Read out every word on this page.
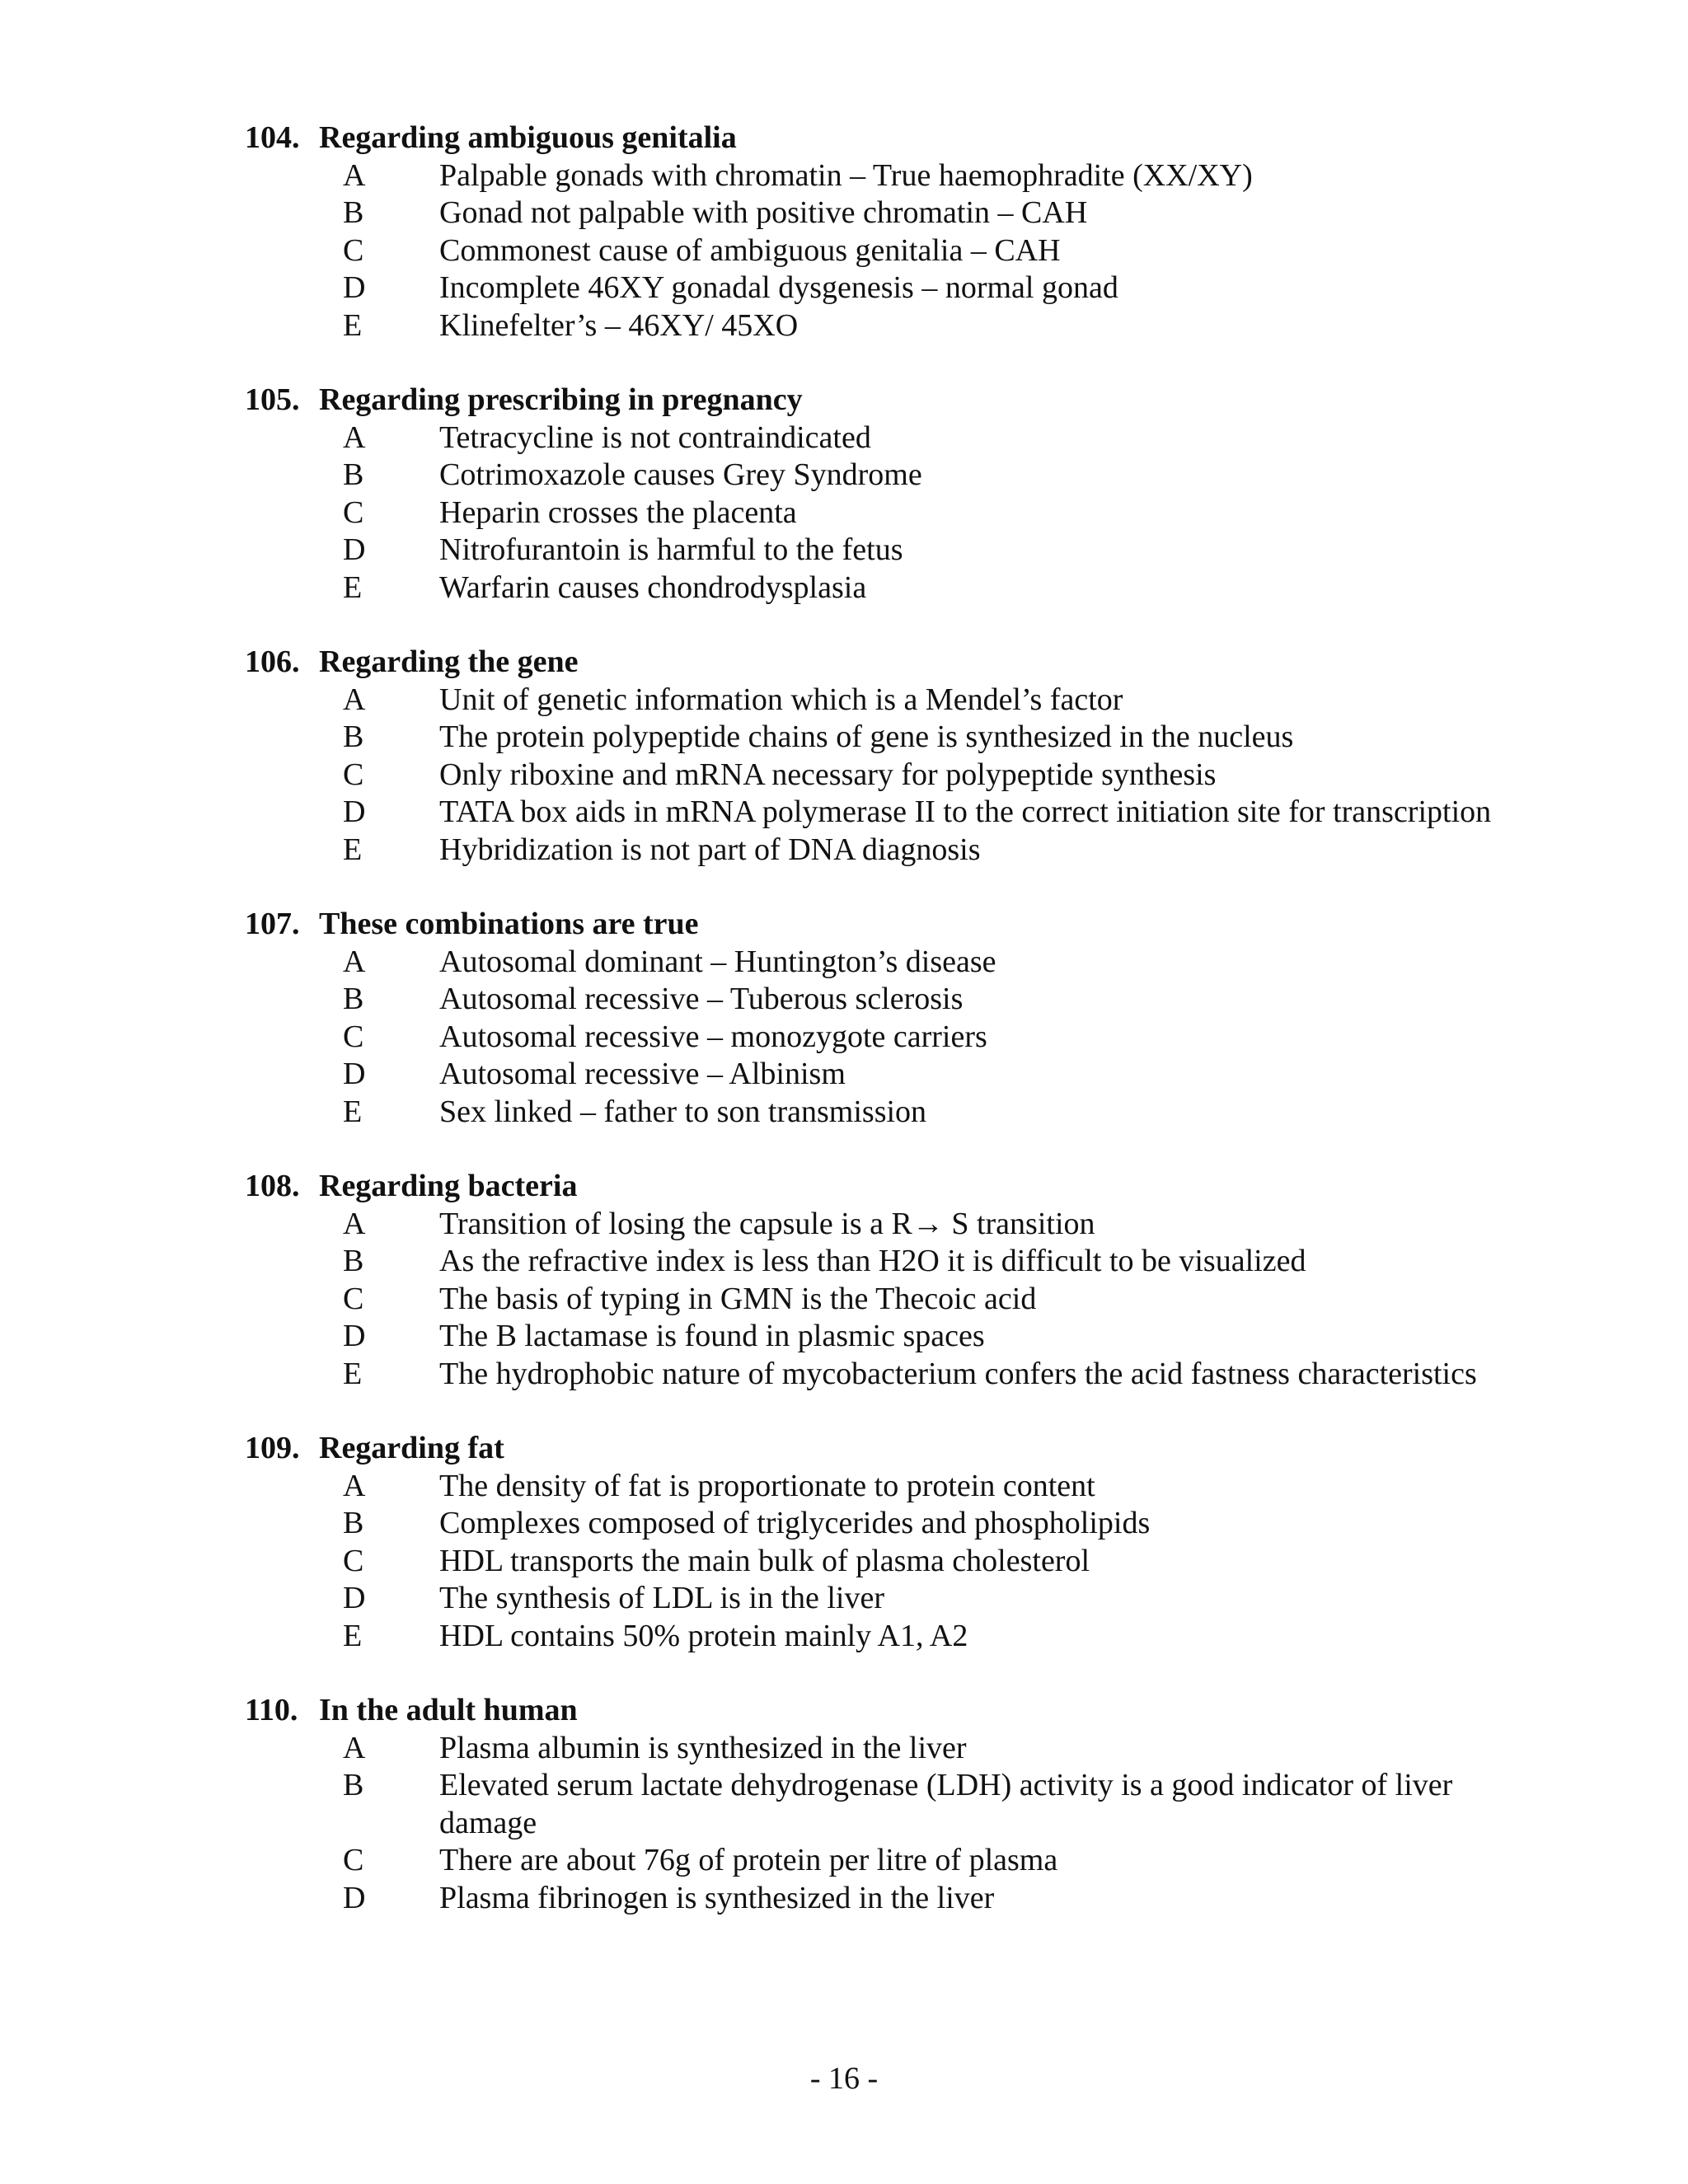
104. Regarding ambiguous genitalia
A	Palpable gonads with chromatin – True haemophradite (XX/XY)
B	Gonad not palpable with positive chromatin – CAH
C	Commonest cause of ambiguous genitalia – CAH
D	Incomplete 46XY gonadal dysgenesis – normal gonad
E	Klinefelter’s – 46XY/ 45XO
105. Regarding prescribing in pregnancy
A	Tetracycline is not contraindicated
B	Cotrimoxazole causes Grey Syndrome
C	Heparin crosses the placenta
D	Nitrofurantoin is harmful to the fetus
E	Warfarin causes chondrodysplasia
106. Regarding the gene
A	Unit of genetic information which is a Mendel’s factor
B	The protein polypeptide chains of gene is synthesized in the nucleus
C	Only riboxine and mRNA necessary for polypeptide synthesis
D	TATA box aids in mRNA polymerase II to the correct initiation site for transcription
E	Hybridization is not part of DNA diagnosis
107. These combinations are true
A	Autosomal dominant – Huntington’s disease
B	Autosomal recessive – Tuberous sclerosis
C	Autosomal recessive – monozygote carriers
D	Autosomal recessive – Albinism
E	Sex linked – father to son transmission
108. Regarding bacteria
A	Transition of losing the capsule is a R→ S transition
B	As the refractive index is less than H2O it is difficult to be visualized
C	The basis of typing in GMN is the Thecoic acid
D	The B lactamase is found in plasmic spaces
E	The hydrophobic nature of mycobacterium confers the acid fastness characteristics
109. Regarding fat
A	The density of fat is proportionate to protein content
B	Complexes composed of triglycerides and phospholipids
C	HDL transports the main bulk of plasma cholesterol
D	The synthesis of LDL is in the liver
E	HDL contains 50% protein mainly A1, A2
110. In the adult human
A	Plasma albumin is synthesized in the liver
B	Elevated serum lactate dehydrogenase (LDH) activity is a good indicator of liver damage
C	There are about 76g of protein per litre of plasma
D	Plasma fibrinogen is synthesized in the liver
- 16 -
